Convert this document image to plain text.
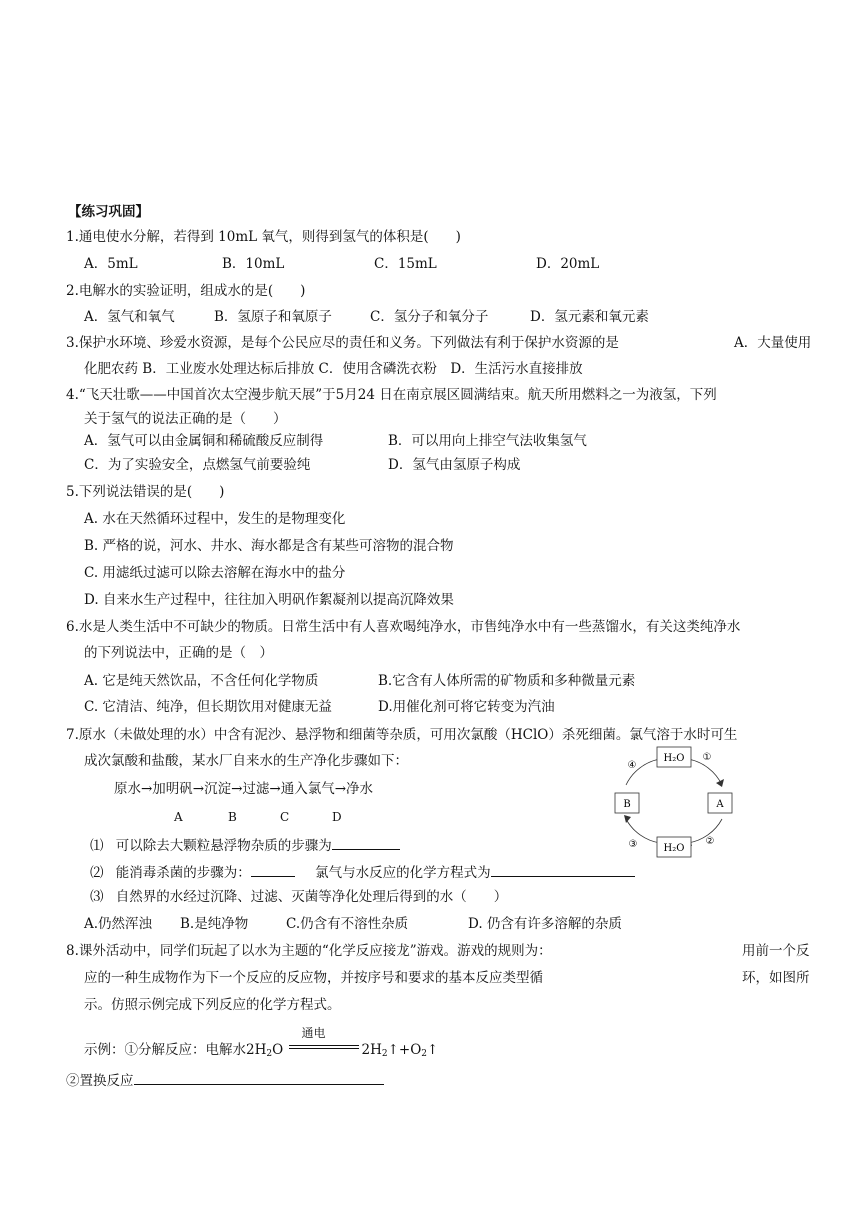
【练习巩固】
1.通电使水分解，若得到 10mL 氧气，则得到氢气的体积是(　　)
A．5mL	B．10mL	C．15mL	D．20mL
2.电解水的实验证明，组成水的是(　　)
A．氢气和氧气	B．氢原子和氧原子	C．氢分子和氧分子	D．氢元素和氧元素
3.保护水环境、珍爱水资源，是每个公民应尽的责任和义务。下列做法有利于保护水资源的是	A．大量使用
化肥农药 B．工业废水处理达标后排放 C．使用含磷洗衣粉　D．生活污水直接排放
4.“飞天壮歌——中国首次太空漫步航天展”于5月24 日在南京展区圆满结束。航天所用燃料之一为液氢，下列
关于氢气的说法正确的是（　　）
A．氢气可以由金属铜和稀硫酸反应制得	B．可以用向上排空气法收集氢气
C．为了实验安全，点燃氢气前要验纯	D．氢气由氢原子构成
5.下列说法错误的是(　　)
A. 水在天然循环过程中，发生的是物理变化
B. 严格的说，河水、井水、海水都是含有某些可溶物的混合物
C. 用滤纸过滤可以除去溶解在海水中的盐分
D. 自来水生产过程中，往往加入明矾作絮凝剂以提高沉降效果
6.水是人类生活中不可缺少的物质。日常生活中有人喜欢喝纯净水，市售纯净水中有一些蒸馏水，有关这类纯净水
的下列说法中，正确的是（　）
A. 它是纯天然饮品，不含任何化学物质	B.它含有人体所需的矿物质和多种微量元素
C. 它清洁、纯净，但长期饮用对健康无益	D.用催化剂可将它转变为汽油
7.原水（未做处理的水）中含有泥沙、悬浮物和细菌等杂质，可用次氯酸（HClO）杀死细菌。氯气溶于水时可生
成次氯酸和盐酸，某水厂自来水的生产净化步骤如下：
原水→加明矾→沉淀→过滤→通入氯气→净水
A	B	C	D
⑴ 可以除去大颗粒悬浮物杂质的步骤为
⑵ 能消毒杀菌的步骤为：	氯气与水反应的化学方程式为
⑶ 自然界的水经过沉降、过滤、灭菌等净化处理后得到的水（　　）
A.仍然浑浊 B.是纯净物	C.仍含有不溶性杂质	D. 仍含有许多溶解的杂质
8.课外活动中，同学们玩起了以水为主题的“化学反应接龙”游戏。游戏的规则为：	用前一个反
应的一种生成物作为下一个反应的反应物，并按序号和要求的基本反应类型循	环，如图所
示。仿照示例完成下列反应的化学方程式。
示例：①分解反应：电解水$2H_2O$
通电
$2H_2↑+O_2↑$
②置换反应
H₂O
H₂O
B	A
①
②
③
④
